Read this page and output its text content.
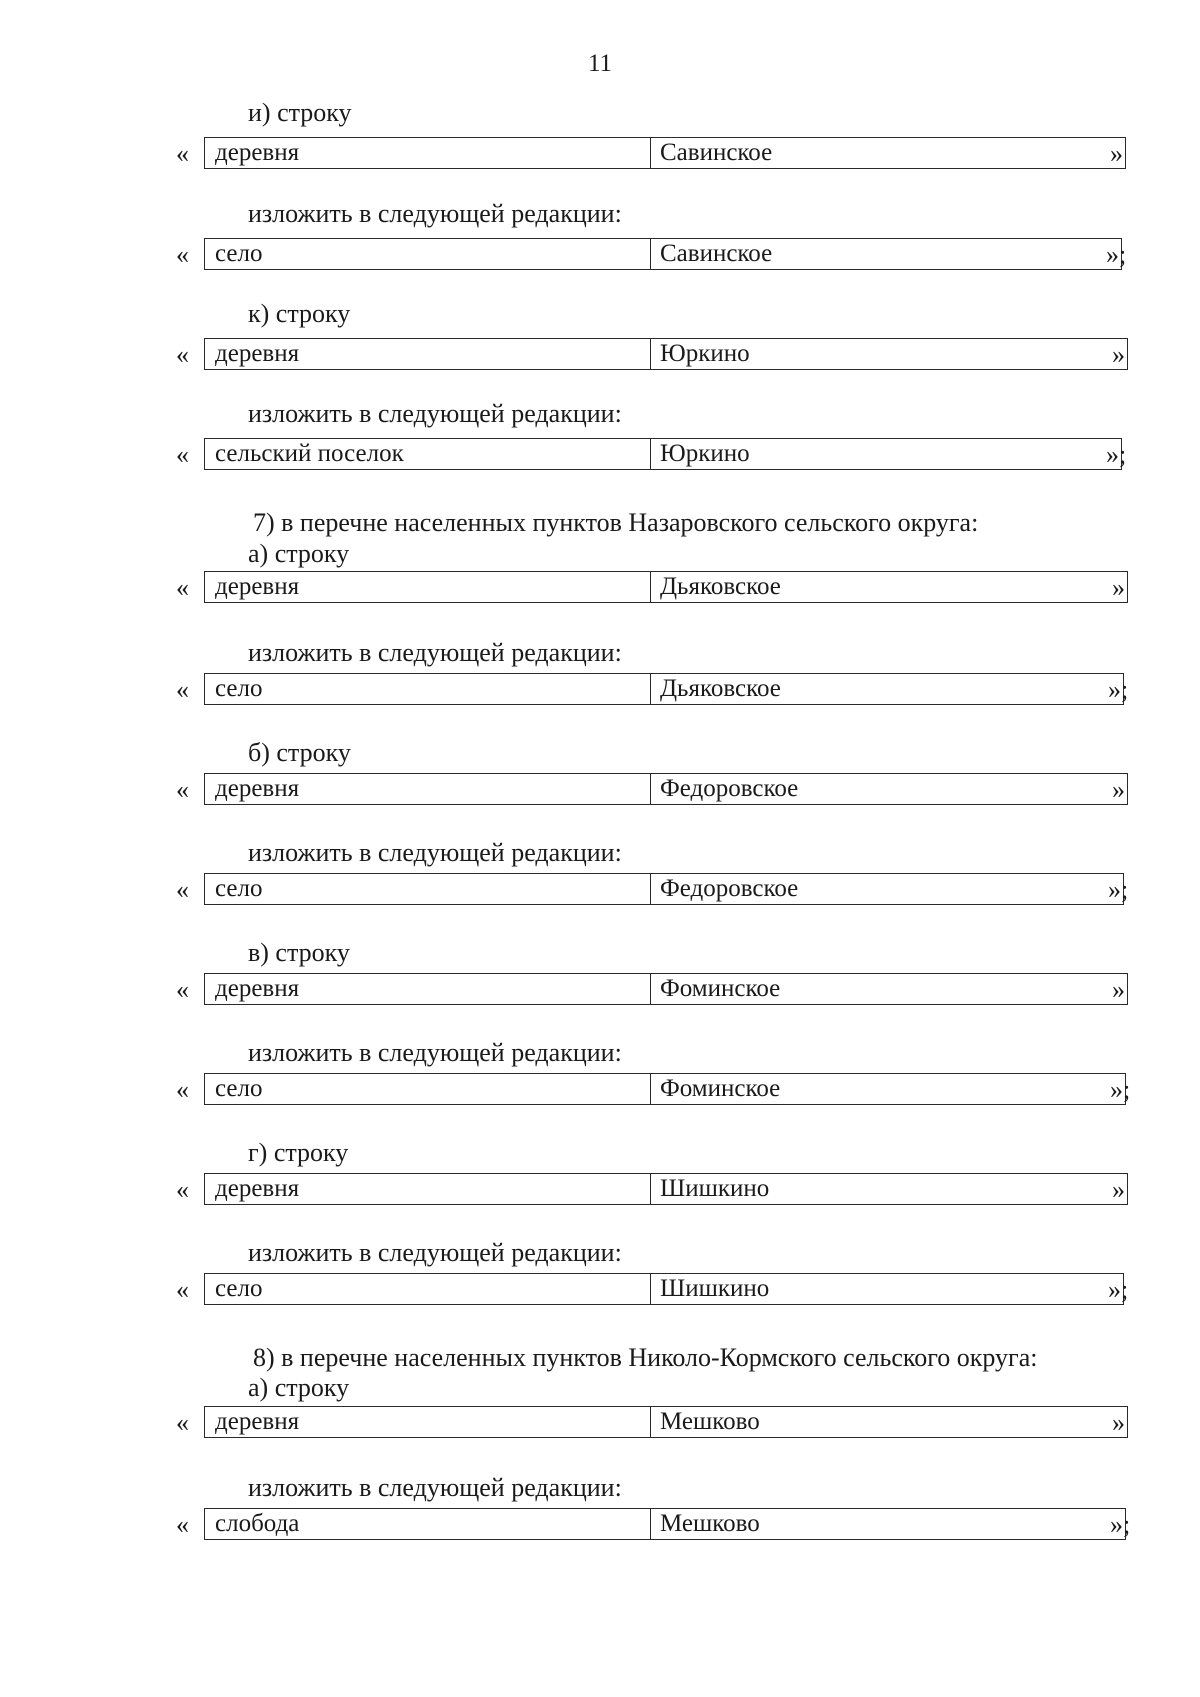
11
и) строку
«	деревня	Савинское	»
изложить в следующей редакции:
«	село	Савинское	»;
к) строку
«	деревня	Юркино	»
изложить в следующей редакции:
«	сельский поселок	Юркино	»;
7) в перечне населенных пунктов Назаровского сельского округа:
а) строку
«	деревня	Дьяковское	»
изложить в следующей редакции:
«	село	Дьяковское	»;
б) строку
«	деревня	Федоровское	»
изложить в следующей редакции:
«	село	Федоровское	»;
в) строку
«	деревня	Фоминское	»
изложить в следующей редакции:
«	село	Фоминское	»;
г) строку
«	деревня	Шишкино	»
изложить в следующей редакции:
«	село	Шишкино	»;
8) в перечне населенных пунктов Николо-Кормского сельского округа:
а) строку
«	деревня	Мешково	»
изложить в следующей редакции:
«	слобода	Мешково	»;
